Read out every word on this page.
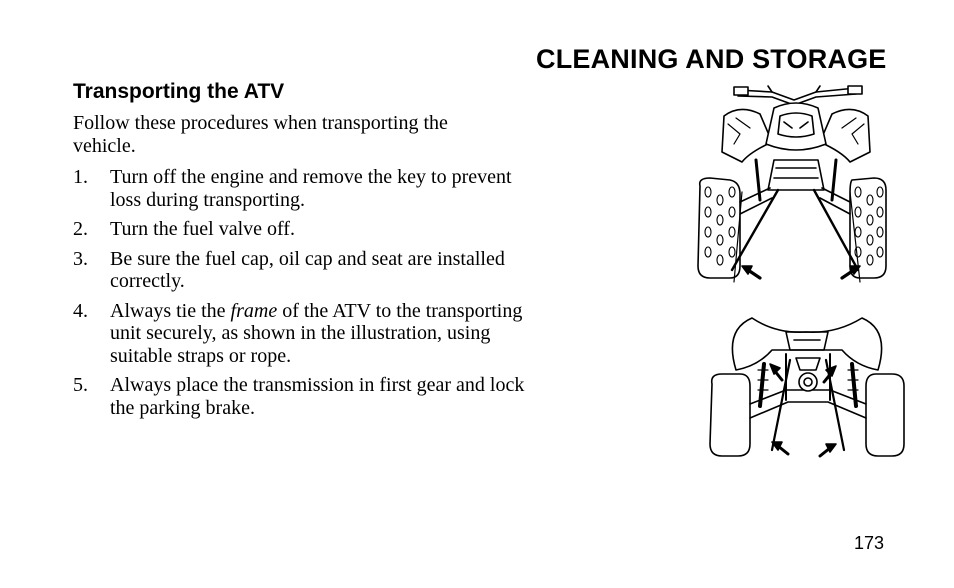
CLEANING AND STORAGE
Transporting the ATV

Follow these procedures when transporting the vehicle.

1.	Turn off the engine and remove the key to prevent loss during transporting.
2.	Turn the fuel valve off.
3.	Be sure the fuel cap, oil cap and seat are installed correctly.
4.	Always tie the frame of the ATV to the transporting unit securely, as shown in the illustration, using suitable straps or rope.
5.	Always place the transmission in first gear and lock the parking brake.
173
